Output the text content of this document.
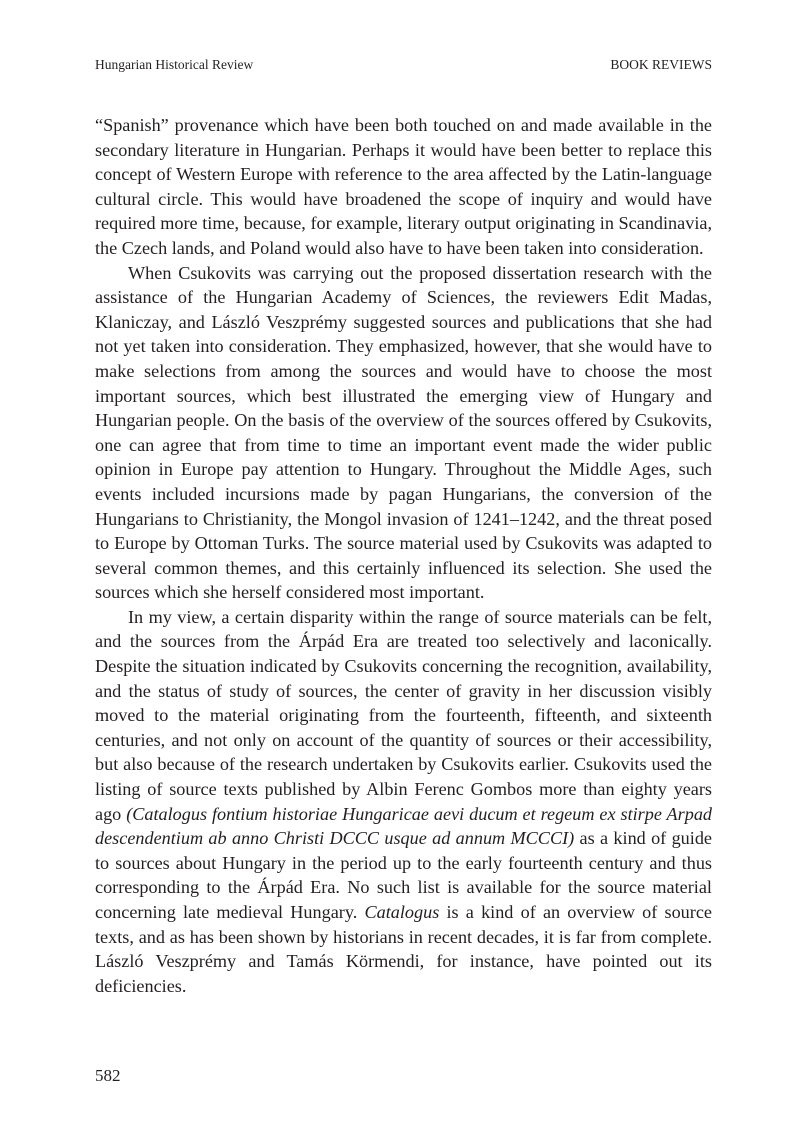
Hungarian Historical Review	BOOK REVIEWS

“Spanish” provenance which have been both touched on and made available in the secondary literature in Hungarian. Perhaps it would have been better to replace this concept of Western Europe with reference to the area affected by the Latin-language cultural circle. This would have broadened the scope of inquiry and would have required more time, because, for example, literary output originating in Scandinavia, the Czech lands, and Poland would also have to have been taken into consideration.

When Csukovits was carrying out the proposed dissertation research with the assistance of the Hungarian Academy of Sciences, the reviewers Edit Madas, Klaniczay, and László Veszprémy suggested sources and publications that she had not yet taken into consideration. They emphasized, however, that she would have to make selections from among the sources and would have to choose the most important sources, which best illustrated the emerging view of Hungary and Hungarian people. On the basis of the overview of the sources offered by Csukovits, one can agree that from time to time an important event made the wider public opinion in Europe pay attention to Hungary. Throughout the Middle Ages, such events included incursions made by pagan Hungarians, the conversion of the Hungarians to Christianity, the Mongol invasion of 1241–1242, and the threat posed to Europe by Ottoman Turks. The source material used by Csukovits was adapted to several common themes, and this certainly influenced its selection. She used the sources which she herself considered most important.

In my view, a certain disparity within the range of source materials can be felt, and the sources from the Árpád Era are treated too selectively and laconically. Despite the situation indicated by Csukovits concerning the recognition, availability, and the status of study of sources, the center of gravity in her discussion visibly moved to the material originating from the fourteenth, fifteenth, and sixteenth centuries, and not only on account of the quantity of sources or their accessibility, but also because of the research undertaken by Csukovits earlier. Csukovits used the listing of source texts published by Albin Ferenc Gombos more than eighty years ago (Catalogus fontium historiae Hungaricae aevi ducum et regeum ex stirpe Arpad descendentium ab anno Christi DCCC usque ad annum MCCCI) as a kind of guide to sources about Hungary in the period up to the early fourteenth century and thus corresponding to the Árpád Era. No such list is available for the source material concerning late medieval Hungary. Catalogus is a kind of an overview of source texts, and as has been shown by historians in recent decades, it is far from complete. László Veszprémy and Tamás Körmendi, for instance, have pointed out its deficiencies.

582
